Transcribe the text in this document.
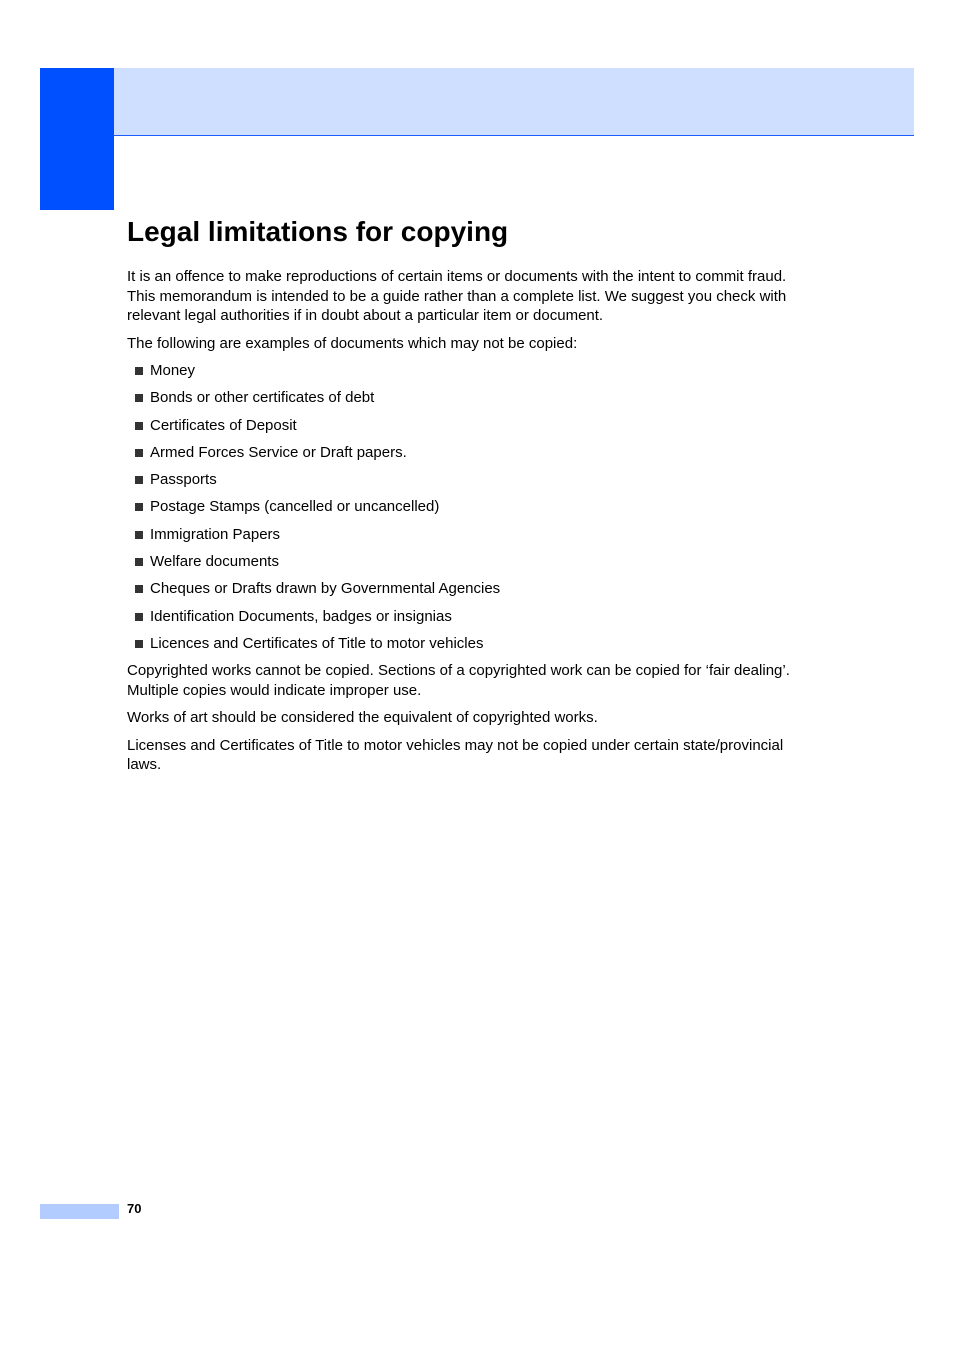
Legal limitations for copying

It is an offence to make reproductions of certain items or documents with the intent to commit fraud. This memorandum is intended to be a guide rather than a complete list. We suggest you check with relevant legal authorities if in doubt about a particular item or document.

The following are examples of documents which may not be copied:

Money
Bonds or other certificates of debt
Certificates of Deposit
Armed Forces Service or Draft papers.
Passports
Postage Stamps (cancelled or uncancelled)
Immigration Papers
Welfare documents
Cheques or Drafts drawn by Governmental Agencies
Identification Documents, badges or insignias
Licences and Certificates of Title to motor vehicles

Copyrighted works cannot be copied. Sections of a copyrighted work can be copied for ‘fair dealing’. Multiple copies would indicate improper use.

Works of art should be considered the equivalent of copyrighted works.

Licenses and Certificates of Title to motor vehicles may not be copied under certain state/provincial laws.

70
